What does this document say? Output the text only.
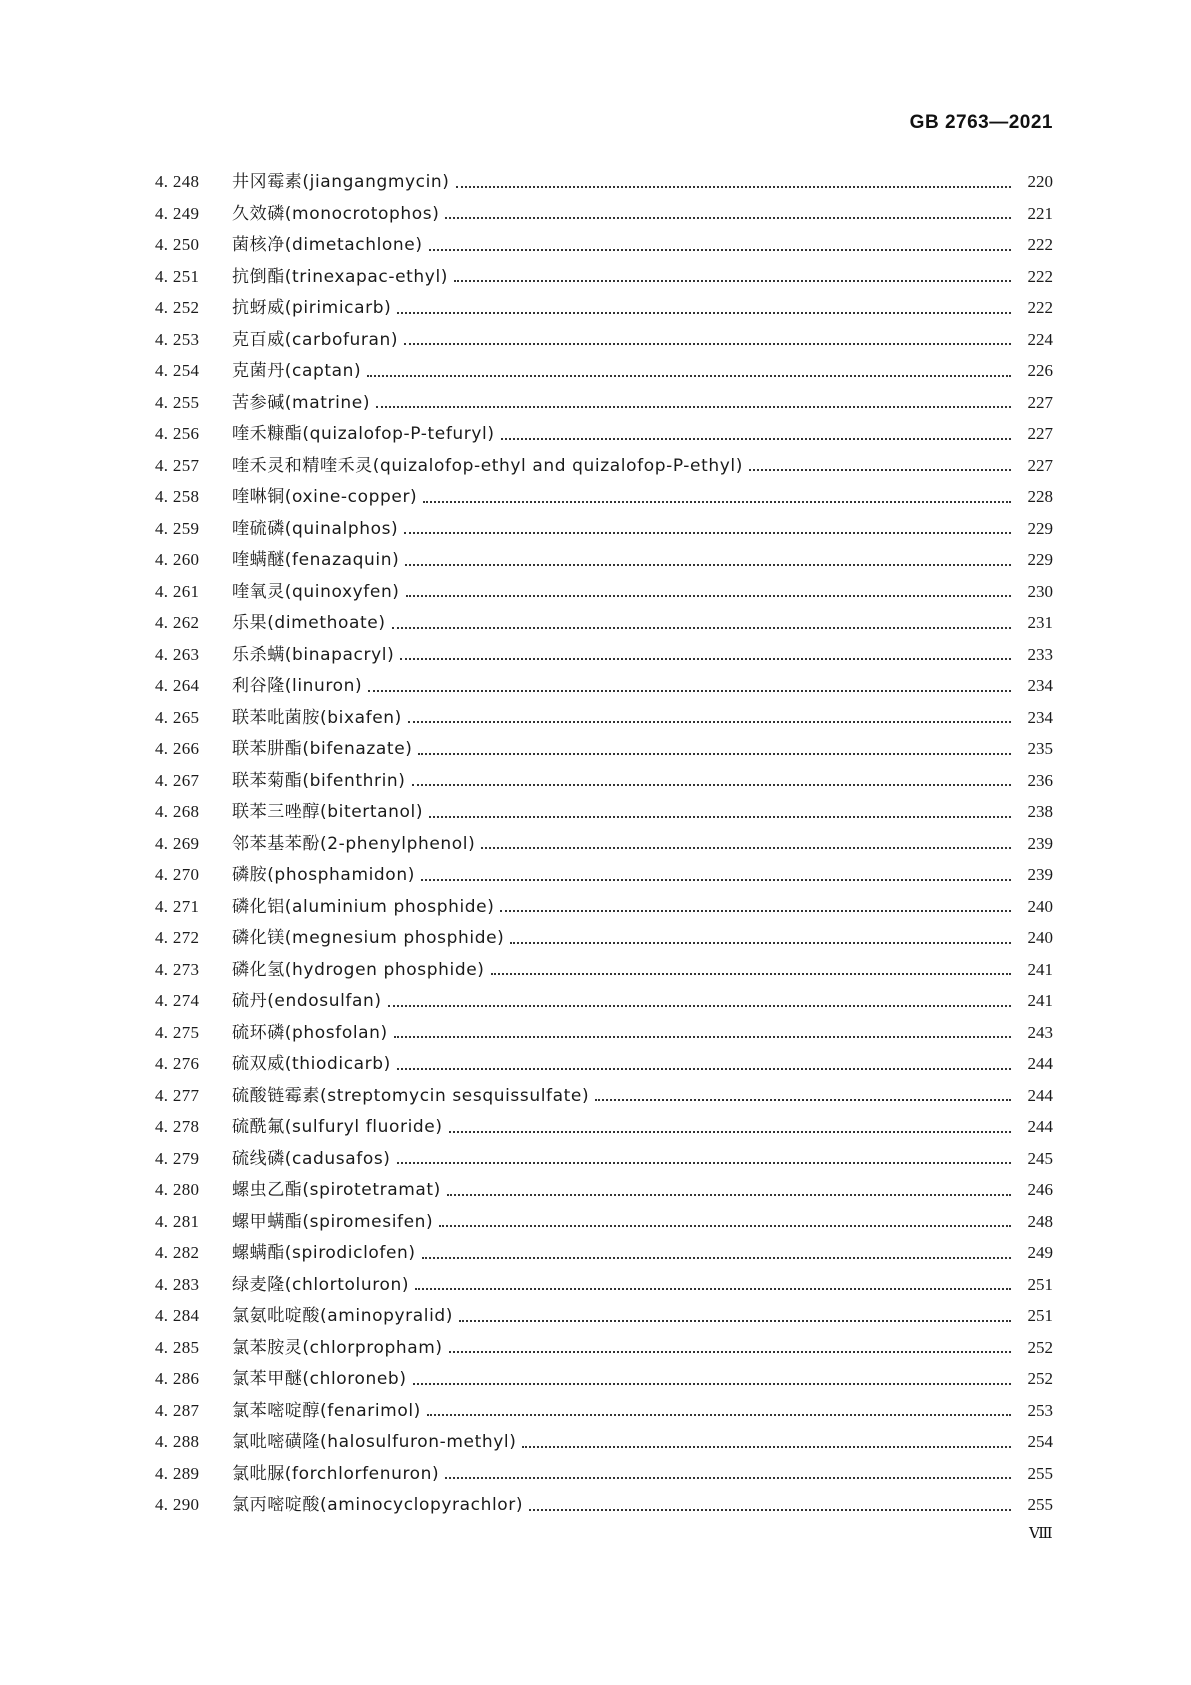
GB 2763—2021
4. 248	井冈霉素(jiangangmycin)	220
4. 249	久效磷(monocrotophos)	221
4. 250	菌核净(dimetachlone)	222
4. 251	抗倒酯(trinexapac-ethyl)	222
4. 252	抗蚜威(pirimicarb)	222
4. 253	克百威(carbofuran)	224
4. 254	克菌丹(captan)	226
4. 255	苦参碱(matrine)	227
4. 256	喹禾糠酯(quizalofop-P-tefuryl)	227
4. 257	喹禾灵和精喹禾灵(quizalofop-ethyl and quizalofop-P-ethyl)	227
4. 258	喹啉铜(oxine-copper)	228
4. 259	喹硫磷(quinalphos)	229
4. 260	喹螨醚(fenazaquin)	229
4. 261	喹氧灵(quinoxyfen)	230
4. 262	乐果(dimethoate)	231
4. 263	乐杀螨(binapacryl)	233
4. 264	利谷隆(linuron)	234
4. 265	联苯吡菌胺(bixafen)	234
4. 266	联苯肼酯(bifenazate)	235
4. 267	联苯菊酯(bifenthrin)	236
4. 268	联苯三唑醇(bitertanol)	238
4. 269	邻苯基苯酚(2-phenylphenol)	239
4. 270	磷胺(phosphamidon)	239
4. 271	磷化铝(aluminium phosphide)	240
4. 272	磷化镁(megnesium phosphide)	240
4. 273	磷化氢(hydrogen phosphide)	241
4. 274	硫丹(endosulfan)	241
4. 275	硫环磷(phosfolan)	243
4. 276	硫双威(thiodicarb)	244
4. 277	硫酸链霉素(streptomycin sesquissulfate)	244
4. 278	硫酰氟(sulfuryl fluoride)	244
4. 279	硫线磷(cadusafos)	245
4. 280	螺虫乙酯(spirotetramat)	246
4. 281	螺甲螨酯(spiromesifen)	248
4. 282	螺螨酯(spirodiclofen)	249
4. 283	绿麦隆(chlortoluron)	251
4. 284	氯氨吡啶酸(aminopyralid)	251
4. 285	氯苯胺灵(chlorpropham)	252
4. 286	氯苯甲醚(chloroneb)	252
4. 287	氯苯嘧啶醇(fenarimol)	253
4. 288	氯吡嘧磺隆(halosulfuron-methyl)	254
4. 289	氯吡脲(forchlorfenuron)	255
4. 290	氯丙嘧啶酸(aminocyclopyrachlor)	255
Ⅷ
